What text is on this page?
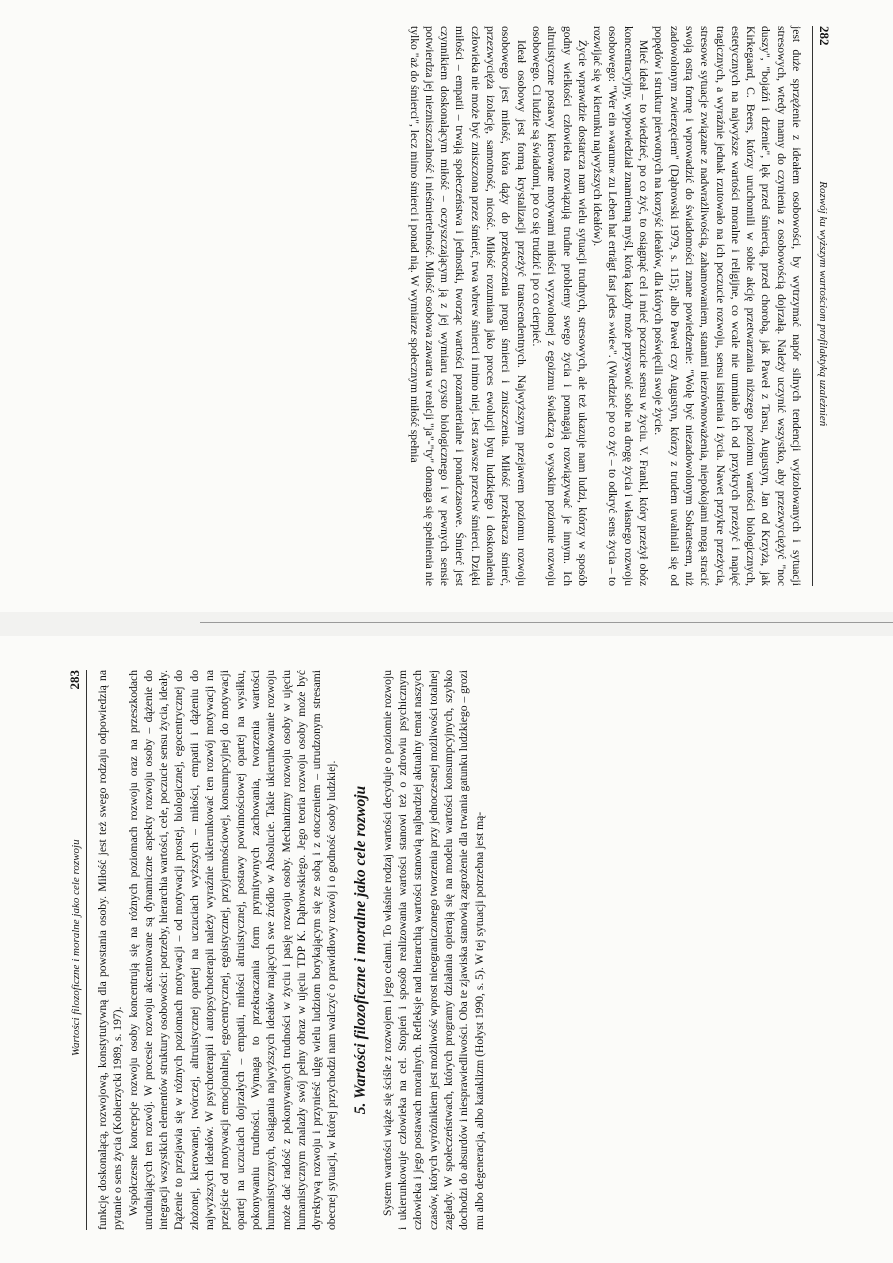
282
Rozwój ku wyższym wartościom profilaktyką uzależnień

jest duże sprzężenie z ideałem osobowości, by wytrzymać napór silnych tendencji wyizolowanych i sytuacji stresowych, wtedy mamy do czynienia z osobowością dojrzałą. Należy uczynić wszystko, aby przezwyciężyć "noc duszy", "bojaźń i drżenie", lęk przed śmiercią, przed chorobą, jak Paweł z Tarsu, Augustyn, Jan od Krzyża, jak Kirkegaard, C. Beers, którzy uruchomili w sobie akcję przetwarzania niższego poziomu wartości biologicznych, estetycznych na najwyższe wartości moralne i religijne, co wcale nie umniało ich od przykrych przeżyć i napięć tragicznych, a wyraźnie jednak rzutowało na ich poczucie rozwoju, sensu istnienia i życia. Nawet przykre przeżycia, stresowe sytuacje związane z nadwrażliwością, zahamowaniem, stanami niezrównoważenia, niepokojami mogą stracić swoją ostrą formę i wprowadzić do świadomości znane powiedzenie: "Wolę być niezadowolonym Sokratesem, niż zadowolonym zwierzęciem" (Dąbrowski 1979, s. 115); albo Paweł czy Augustyn, którzy z trudem uwalniali się od popędów i struktur pierwotnych na korzyść ideałów, dla których poświęcili swoje życie.

Mieć ideał – to wiedzieć, po co żyć, to osiągnąć cel i mieć poczucie sensu w życiu. V. Frankl, który przeżył obóz koncentracyjny, wypowiedział znamienną myśl, którą każdy może przyswoić sobie na drogę życia i własnego rozwoju osobowego: "Wer ein »warum« zu Leben hat erträgt fast jedes »wie«". (Wiedzieć po co żyć – to odkryć sens życia – to rozwijać się w kierunku najwyższych ideałów).

Życie wprawdzie dostarcza nam wielu sytuacji trudnych, stresowych, ale też ukazuje nam ludzi, którzy w sposób godny wielkości człowieka rozwiązują trudne problemy swego życia i pomagają rozwiązywać je innym. Ich altruistyczne postawy kierowane motywami miłości wyzwolonej z egoizmu świadczą o wysokim poziomie rozwoju osobowego. Ci ludzie są świadomi, po co się trudzić i po co cierpieć.

Ideał osobowy jest formą krystalizacji przeżyć transcendentnych. Najwyższym przejawem poziomu rozwoju osobowego jest miłość, która dąży do przekroczenia progu śmierci i zniszczenia. Miłość przekracza śmierć, przezwycięża izolację, samotność, nicość. Miłość rozumiana jako proces ewolucji bytu ludzkiego i doskonalenia człowieka nie może być zniszczona przez śmierć, trwa wbrew śmierci i mimo niej. Jest zawsze przeciw śmierci. Dzięki miłości – empatii – trwają społeczeństwa i jednostki, tworząc wartości pozamaterialne i ponadczasowe. Śmierć jest czynnikiem doskonalącym miłość – oczyszczającym ją z jej wymiaru czysto biologicznego i w pewnych sensie potwierdza jej niezniszczalność i nieśmiertelność. Miłość osobowa zawarta w realcji "ja"-"ty" domaga się spełnienia nie tylko "aż do śmierci", lecz mimo śmierci i ponad nią. W wymiarze społecznym miłość spełnia

Wartości filozoficzne i moralne jako cele rozwoju
283 funkcję doskonalącą, rozwojową, konstytutywną dla powstania osoby. Miłość jest też swego rodzaju odpowiedzią na pytanie o sens życia (Kobierzycki 1989, s. 197). Współczesne koncepcje rozwoju osoby koncentrują się na różnych poziomach rozwoju oraz na przeszkodach utrudniających ten rozwój. W procesie rozwoju akcentowane są dynamiczne aspekty rozwoju osoby – dążenie do integracji wszystkich elementów struktury osobowości: potrzeby, hierarchia wartości, cele, poczucie sensu życia, ideały. Dążenie to przejawia się w różnych poziomach motywacji – od motywacji prostej, biologicznej, egocentrycznej do złożonej, kierowanej, twórczej, altruistycznej opartej na uczuciach wyższych – miłości, empatii i dążeniu do najwyższych ideałów. W psychoterapii i autopsychoterapii należy wyraźnie ukierunkować ten rozwój motywacji na przejście od motywacji emocjonalnej, egocentrycznej, egoistycznej, przyjemnościowej, konsumpcyjnej do motywacji opartej na uczuciach dojrzałych – empatii, miłości altruistycznej, postawy powinnościowej opartej na wysiłku, pokonywaniu trudności. Wymaga to przekraczania form prymitywnych zachowania, tworzenia wartości humanistycznych, osiągania najwyższych ideałów mających swe źródło w Absolucie. Takie ukierunkowanie rozwoju może dać radość z pokonywanych trudności w życiu i pasję rozwoju osoby. Mechanizmy rozwoju osoby w ujęciu humanistycznym znalazły swój pełny obraz w ujęciu TDP K. Dąbrowskiego. Jego teoria rozwoju osoby może być dyrektywą rozwoju i przynieść ulgę wielu ludziom borykającym się ze sobą i z otoczeniem – utrudzonym stresami obecnej sytuacji, w której przychodzi nam walczyć o prawidłowy rozwój i o godność osoby ludzkiej. 5. Wartości filozoficzne i moralne jako cele rozwoju System wartości wiąże się ściśle z rozwojem i jego celami. To właśnie rodzaj wartości decyduje o poziomie rozwoju i ukierunkowuje człowieka na cel. Stopień i sposób realizowania wartości stanowi też o zdrowiu psychicznym człowieka i jego postawach moralnych. Refleksje nad hierarchią wartości stanowią najbardziej aktualny temat naszych czasów, których wyróżnikiem jest możliwość wprost nieograniczonego tworzenia przy jednoczesnej możliwości totalnej zagłady. W społeczeństwach, których programy działania opierają się na modelu wartości konsumpcyjnych, szybko dochodzi do absurdów i niesprawiedliwości. Oba te zjawiska stanowią zagrożenie dla trwania gatunku ludzkiego – grozi mu albo degeneracja, albo kataklizm (Hołyst 1990, s. 5). W tej sytuacji potrzebna jest mą-
